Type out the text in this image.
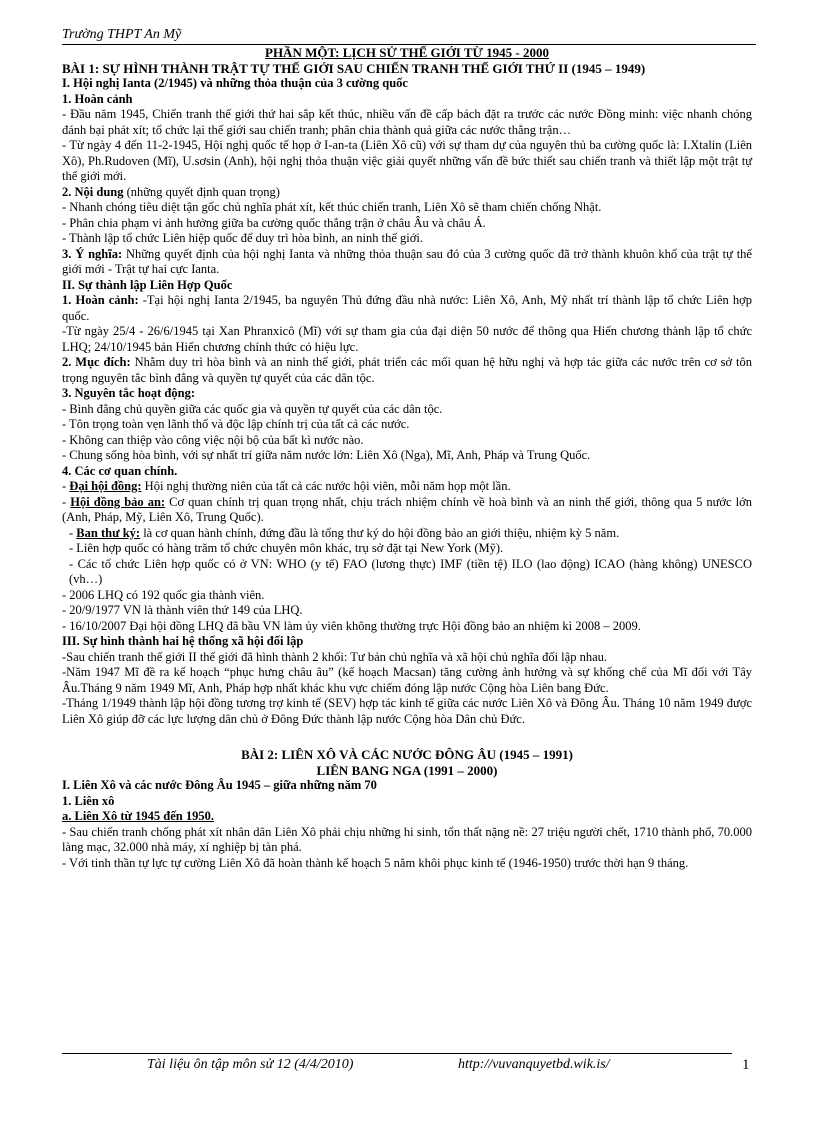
Trường THPT An Mỹ

PHẦN MỘT: LỊCH SỬ THẾ GIỚI TỪ 1945 - 2000

BÀI 1: SỰ HÌNH THÀNH TRẬT TỰ THẾ GIỚI SAU CHIẾN TRANH THẾ GIỚI THỨ II (1945 – 1949)

I. Hội nghị Ianta (2/1945) và những thỏa thuận của 3 cường quốc

1. Hoàn cảnh

- Đầu năm 1945, Chiến tranh thế giới thứ hai sắp kết thúc, nhiều vấn đề cấp bách đặt ra trước các nước Đồng minh: việc nhanh chóng đánh bại phát xít; tổ chức lại thế giới sau chiến tranh; phân chia thành quả giữa các nước thắng trận…

- Từ ngày 4 đến 11-2-1945, Hội nghị quốc tế họp ở I-an-ta (Liên Xô cũ) với sự tham dự của nguyên thủ ba cường quốc là: I.Xtalin (Liên Xô), Ph.Rudoven (Mĩ), U.sơsin (Anh), hội nghị thỏa thuận việc giải quyết những vấn đề bức thiết sau chiến tranh và thiết lập một trật tự thế giới mới.

2. Nội dung (những quyết định quan trọng)

- Nhanh chóng tiêu diệt tận gốc chủ nghĩa phát xít, kết thúc chiến tranh, Liên Xô sẽ tham chiến chống Nhật.

- Phân chia phạm vi ảnh hưởng giữa ba cường quốc thắng trận ở châu Âu và châu Á.

- Thành lập tổ chức Liên hiệp quốc để duy trì hòa bình, an ninh thế giới.

3. Ý nghĩa: Những quyết định của hội nghị Ianta và những thỏa thuận sau đó của 3 cường quốc đã trở thành khuôn khổ của trật tự thế giới mới - Trật tự hai cực Ianta.

II. Sự thành lập Liên Hợp Quốc

1. Hoàn cảnh: -Tại hội nghị Ianta 2/1945, ba nguyên Thủ đứng đầu nhà nước: Liên Xô, Anh, Mỹ nhất trí thành lập tổ chức Liên hợp quốc.

-Từ ngày 25/4 - 26/6/1945 tại Xan Phranxicô (Mĩ) với sự tham gia của đại diện 50 nước để thông qua Hiến chương thành lập tổ chức LHQ; 24/10/1945 bản Hiến chương chính thức có hiệu lực.

2. Mục đích: Nhằm duy trì hòa bình và an ninh thế giới, phát triển các mối quan hệ hữu nghị và hợp tác giữa các nước trên cơ sở tôn trọng nguyên tắc bình đẳng và quyền tự quyết của các dân tộc.

3. Nguyên tắc hoạt động:

- Bình đẳng chủ quyền giữa các quốc gia và quyền tự quyết của các dân tộc.

- Tôn trọng toàn vẹn lãnh thổ và độc lập chính trị của tất cả các nước.

- Không can thiệp vào công việc nội bộ của bất kì nước nào.

- Chung sống hòa bình, với sự nhất trí giữa năm nước lớn: Liên Xô (Nga), Mĩ, Anh, Pháp và Trung Quốc.

4. Các cơ quan chính.

- Đại hội đồng: Hội nghị thường niên của tất cả các nước hội viên, mỗi năm họp một lần.

- Hội đồng bảo an: Cơ quan chính trị quan trọng nhất, chịu trách nhiệm chính về hoà bình và an ninh thế giới, thông qua 5 nước lớn (Anh, Pháp, Mỹ, Liên Xô, Trung Quốc).

- Ban thư ký: là cơ quan hành chính, đứng đầu là tổng thư ký do hội đồng bảo an giới thiệu, nhiệm kỳ 5 năm.

- Liên hợp quốc có hàng trăm tổ chức chuyên môn khác, trụ sở đặt tại New York (Mỹ).

- Các tổ chức Liên hợp quốc có ở VN: WHO (y tế) FAO (lương thực) IMF (tiền tệ) ILO (lao động) ICAO (hàng không) UNESCO (vh…)

- 2006 LHQ có 192 quốc gia thành viên.

- 20/9/1977 VN là thành viên thứ 149 của LHQ.

- 16/10/2007 Đại hội đồng LHQ đã bầu VN làm ủy viên không thường trực Hội đồng bảo an nhiệm kì 2008 – 2009.

III. Sự hình thành hai hệ thống xã hội đối lập

-Sau chiến tranh thế giới II thế giới đã hình thành 2 khối: Tư bản chủ nghĩa và xã hội chủ nghĩa đối lập nhau.

-Năm 1947 Mĩ đề ra kế hoạch “phục hưng châu âu” (kế hoạch Macsan) tăng cường ảnh hưởng và sự khống chế của Mĩ đối với Tây Âu.Tháng 9 năm 1949 Mĩ, Anh, Pháp hợp nhất khác khu vực chiếm đóng lập nước Cộng hòa Liên bang Đức.

-Tháng 1/1949 thành lập hội đồng tương trợ kinh tế (SEV) hợp tác kinh tế giữa các nước Liên Xô và Đông Âu. Tháng 10 năm 1949 được Liên Xô giúp đỡ các lực lượng dân chủ ở Đông Đức thành lập nước Cộng hòa Dân chủ Đức.

BÀI 2: LIÊN XÔ VÀ CÁC NƯỚC ĐÔNG ÂU (1945 – 1991)

LIÊN BANG NGA (1991 – 2000)

I. Liên Xô và các nước Đông Âu 1945 – giữa những năm 70

1. Liên xô

a. Liên Xô từ 1945 đến 1950.

- Sau chiến tranh chống phát xít nhân dân Liên Xô phải chịu những hi sinh, tổn thất nặng nề: 27 triệu người chết, 1710 thành phố, 70.000 làng mạc, 32.000 nhà máy, xí nghiệp bị tàn phá.

- Với tinh thần tự lực tự cường Liên Xô đã hoàn thành kế hoạch 5 năm khôi phục kinh tế (1946-1950) trước thời hạn 9 tháng.

Tài liệu ôn tập môn sử 12 (4/4/2010)	http://vuvanquyetbd.wik.is/	1
